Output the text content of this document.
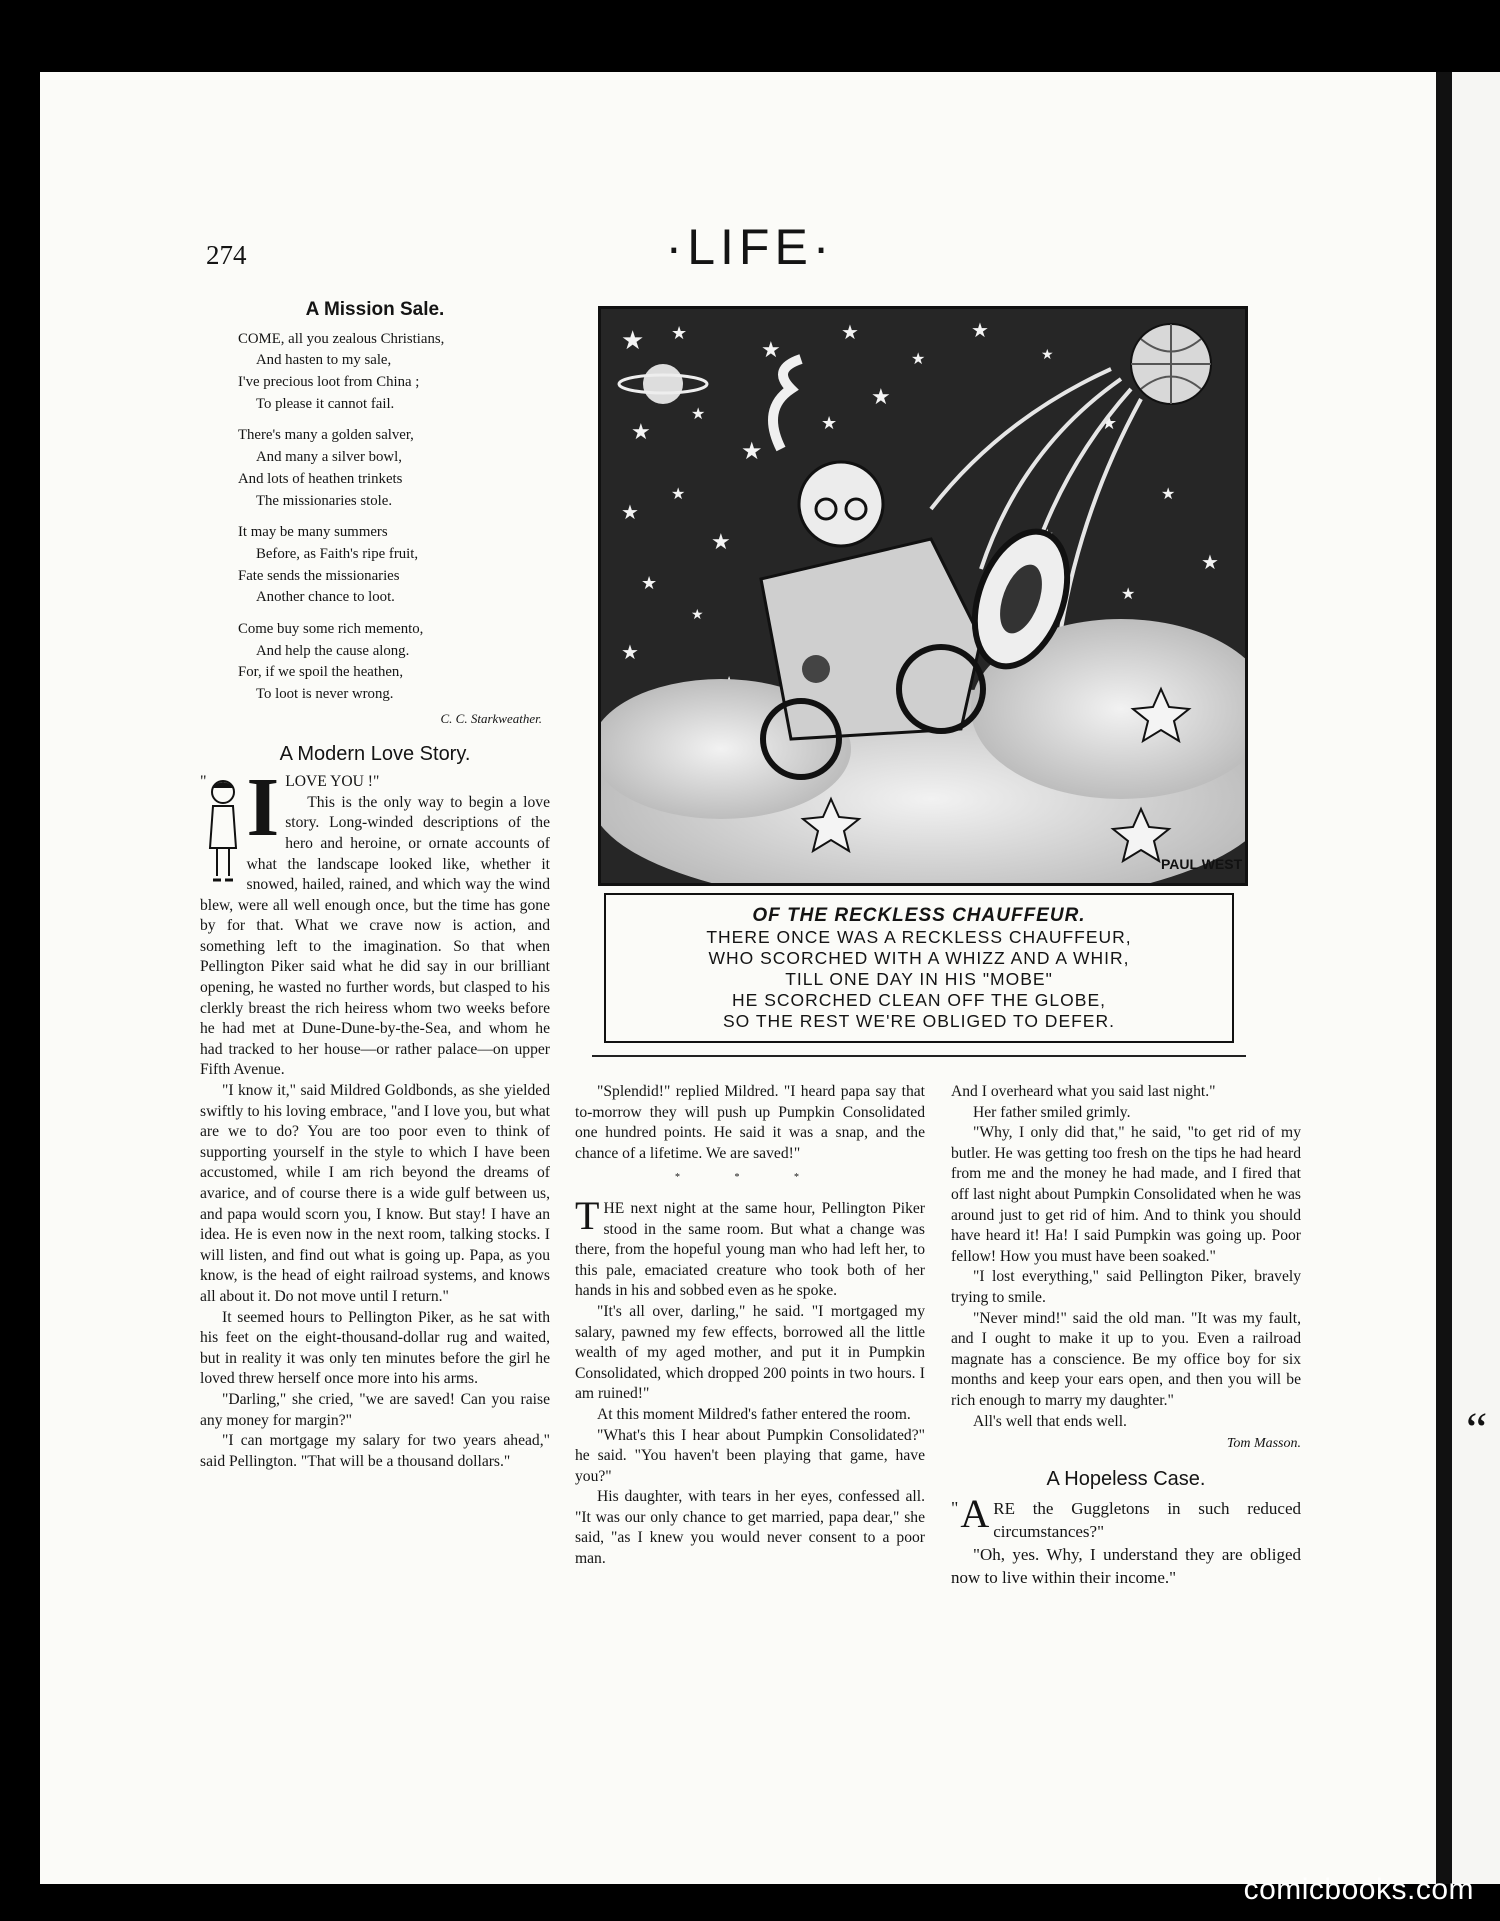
“
274	·LIFE·
A Mission Sale.
COME, all you zealous Christians,
And hasten to my sale,
I've precious loot from China ;
To please it cannot fail.
There's many a golden salver,
And many a silver bowl,
And lots of heathen trinkets
The missionaries stole.
It may be many summers
Before, as Faith's ripe fruit,
Fate sends the missionaries
Another chance to loot.
Come buy some rich memento,
And help the cause along.
For, if we spoil the heathen,
To loot is never wrong.
C. C. Starkweather.
A Modern Love Story.
" I LOVE YOU !"

This is the only way to begin a love story. Long-winded descriptions of the hero and heroine, or ornate accounts of what the landscape looked like, whether it snowed, hailed, rained, and which way the wind blew, were all well enough once, but the time has gone by for that. What we crave now is action, and something left to the imagination. So that when Pellington Piker said what he did say in our brilliant opening, he wasted no further words, but clasped to his clerkly breast the rich heiress whom two weeks before he had met at Dune-Dune-by-the-Sea, and whom he had tracked to her house—or rather palace—on upper Fifth Avenue.

"I know it," said Mildred Goldbonds, as she yielded swiftly to his loving embrace, "and I love you, but what are we to do? You are too poor even to think of supporting yourself in the style to which I have been accustomed, while I am rich beyond the dreams of avarice, and of course there is a wide gulf between us, and papa would scorn you, I know. But stay! I have an idea. He is even now in the next room, talking stocks. I will listen, and find out what is going up. Papa, as you know, is the head of eight railroad systems, and knows all about it. Do not move until I return."

It seemed hours to Pellington Piker, as he sat with his feet on the eight-thousand-dollar rug and waited, but in reality it was only ten minutes before the girl he loved threw herself once more into his arms.

"Darling," she cried, "we are saved! Can you raise any money for margin?"

"I can mortgage my salary for two years ahead," said Pellington. "That will be a thousand dollars."

★ ★
★
★
★
★
★
★
★
★
★
★
★
★
★
★
★
★
★
★
★
★
PAUL WEST
OF THE RECKLESS CHAUFFEUR.
THERE ONCE WAS A RECKLESS CHAUFFEUR,
WHO SCORCHED WITH A WHIZZ AND A WHIR,
TILL ONE DAY IN HIS "MOBE"
HE SCORCHED CLEAN OFF THE GLOBE,
SO THE REST WE'RE OBLIGED TO DEFER.

"Splendid!" replied Mildred. "I heard papa say that to-morrow they will push up Pumpkin Consolidated one hundred points. He said it was a snap, and the chance of a lifetime. We are saved!"

* * *
T HE next night at the same hour, Pellington Piker stood in the same room. But what a change was there, from the hopeful young man who had left her, to this pale, emaciated creature who took both of her hands in his and sobbed even as he spoke.

"It's all over, darling," he said. "I mortgaged my salary, pawned my few effects, borrowed all the little wealth of my aged mother, and put it in Pumpkin Consolidated, which dropped 200 points in two hours. I am ruined!"

At this moment Mildred's father entered the room.

"What's this I hear about Pumpkin Consolidated?" he said. "You haven't been playing that game, have you?"

His daughter, with tears in her eyes, confessed all. "It was our only chance to get married, papa dear," she said, "as I knew you would never consent to a poor man.

And I overheard what you said last night."

Her father smiled grimly.

"Why, I only did that," he said, "to get rid of my butler. He was getting too fresh on the tips he had heard from me and the money he had made, and I fired that off last night about Pumpkin Consolidated when he was around just to get rid of him. And to think you should have heard it! Ha! I said Pumpkin was going up. Poor fellow! How you must have been soaked."

"I lost everything," said Pellington Piker, bravely trying to smile.

"Never mind!" said the old man. "It was my fault, and I ought to make it up to you. Even a railroad magnate has a conscience. Be my office boy for six months and keep your ears open, and then you will be rich enough to marry my daughter."

All's well that ends well.

Tom Masson.
A Hopeless Case.
" A RE the Guggletons in such reduced circumstances?"

"Oh, yes. Why, I understand they are obliged now to live within their income."

comicbooks.com
